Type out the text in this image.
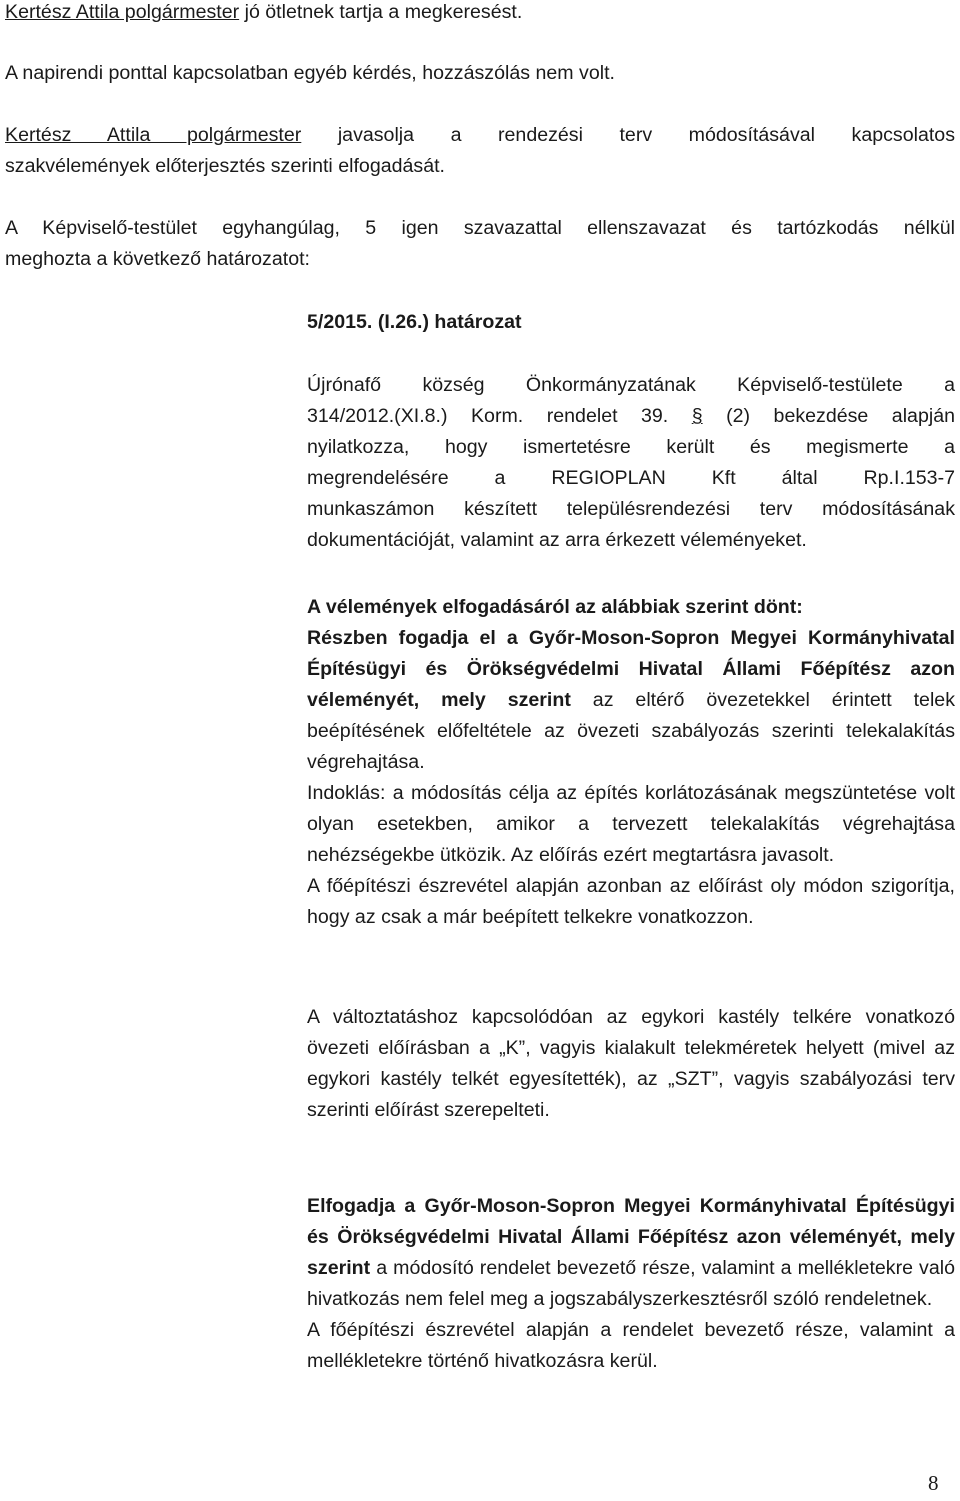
Kertész Attila polgármester jó ötletnek tartja a megkeresést.

A napirendi ponttal kapcsolatban egyéb kérdés, hozzászólás nem volt.

Kertész Attila polgármester javasolja a rendezési terv módosításával kapcsolatos

szakvélemények előterjesztés szerinti elfogadását.

A Képviselő-testület egyhangúlag, 5 igen szavazattal ellenszavazat és tartózkodás nélkül

meghozta a következő határozatot:

5/2015. (I.26.) határozat

Újrónafő község Önkormányzatának Képviselő-testülete a

314/2012.(XI.8.) Korm. rendelet 39. § (2) bekezdése alapján

nyilatkozza, hogy ismertetésre került és megismerte a

megrendelésére a REGIOPLAN Kft által Rp.I.153-7

munkaszámon készített településrendezési terv módosításának

dokumentációját, valamint az arra érkezett véleményeket.

A vélemények elfogadásáról az alábbiak szerint dönt:

Részben fogadja el a Győr-Moson-Sopron Megyei Kormányhivatal Építésügyi és Örökségvédelmi Hivatal Állami Főépítész azon véleményét, mely szerint az eltérő övezetekkel érintett telek beépítésének előfeltétele az övezeti szabályozás szerinti telekalakítás végrehajtása.

Indoklás: a módosítás célja az építés korlátozásának megszüntetése volt olyan esetekben, amikor a tervezett telekalakítás végrehajtása nehézségekbe ütközik. Az előírás ezért megtartásra javasolt.

A főépítészi észrevétel alapján azonban az előírást oly módon szigorítja, hogy az csak a már beépített telkekre vonatkozzon.

A változtatáshoz kapcsolódóan az egykori kastély telkére vonatkozó övezeti előírásban a „K”, vagyis kialakult telekméretek helyett (mivel az egykori kastély telkét egyesítették), az „SZT”, vagyis szabályozási terv szerinti előírást szerepelteti.

Elfogadja a Győr-Moson-Sopron Megyei Kormányhivatal Építésügyi és Örökségvédelmi Hivatal Állami Főépítész azon véleményét, mely szerint a módosító rendelet bevezető része, valamint a mellékletekre való hivatkozás nem felel meg a jogszabályszerkesztésről szóló rendeletnek.

A főépítészi észrevétel alapján a rendelet bevezető része, valamint a mellékletekre történő hivatkozásra kerül.

8
